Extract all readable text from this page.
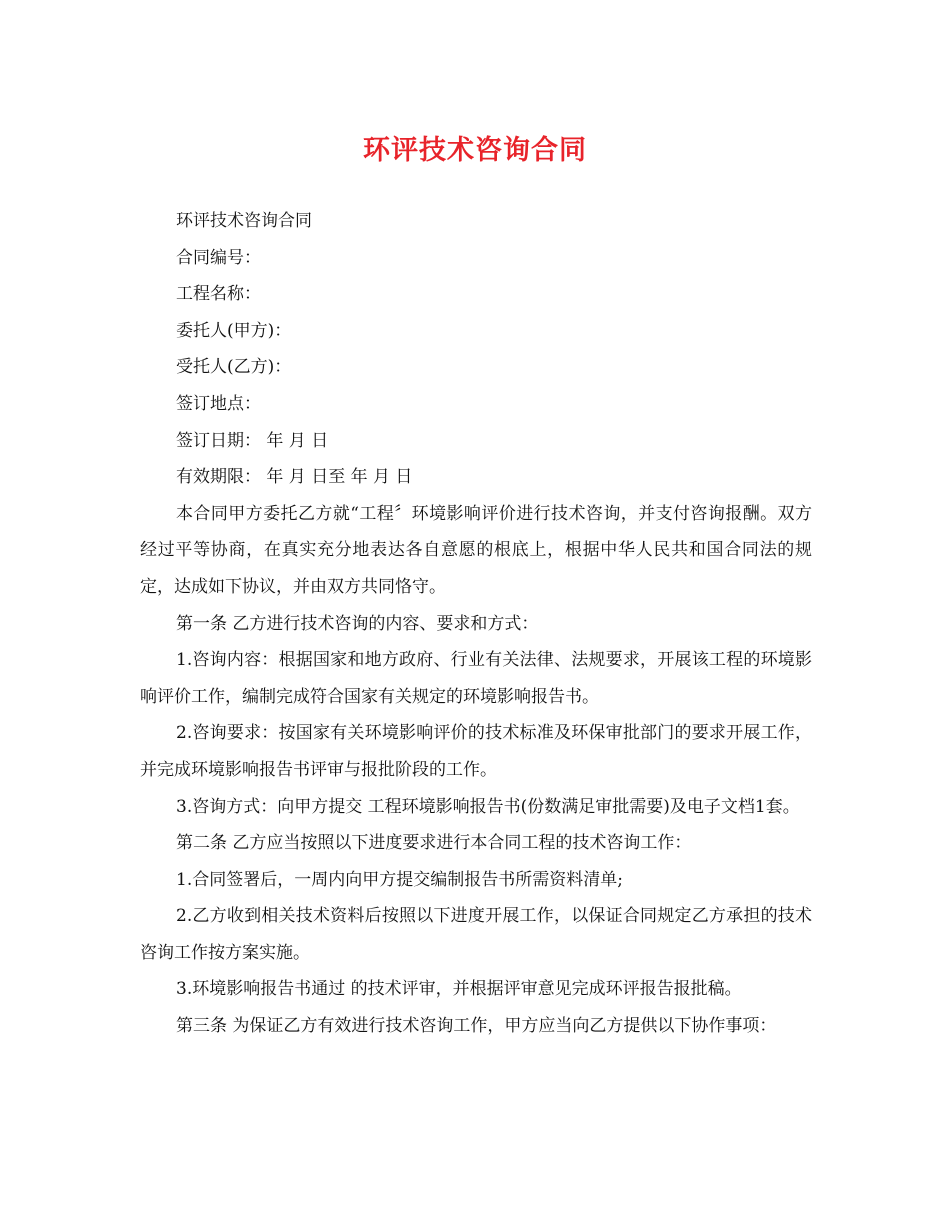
环评技术咨询合同

环评技术咨询合同

合同编号：

工程名称：

委托人(甲方)：

受托人(乙方)：

签订地点：

签订日期： 年 月 日

有效期限： 年 月 日至 年 月 日

本合同甲方委托乙方就“工程〞环境影响评价进行技术咨询，并支付咨询报酬。双方经过平等协商，在真实充分地表达各自意愿的根底上，根据中华人民共和国合同法的规定，达成如下协议，并由双方共同恪守。

第一条 乙方进行技术咨询的内容、要求和方式：

1.咨询内容：根据国家和地方政府、行业有关法律、法规要求，开展该工程的环境影响评价工作，编制完成符合国家有关规定的环境影响报告书。

2.咨询要求：按国家有关环境影响评价的技术标准及环保审批部门的要求开展工作，并完成环境影响报告书评审与报批阶段的工作。

3.咨询方式：向甲方提交 工程环境影响报告书(份数满足审批需要)及电子文档1套。

第二条 乙方应当按照以下进度要求进行本合同工程的技术咨询工作：

1.合同签署后，一周内向甲方提交编制报告书所需资料清单;

2.乙方收到相关技术资料后按照以下进度开展工作，以保证合同规定乙方承担的技术咨询工作按方案实施。

3.环境影响报告书通过 的技术评审，并根据评审意见完成环评报告报批稿。

第三条 为保证乙方有效进行技术咨询工作，甲方应当向乙方提供以下协作事项：
